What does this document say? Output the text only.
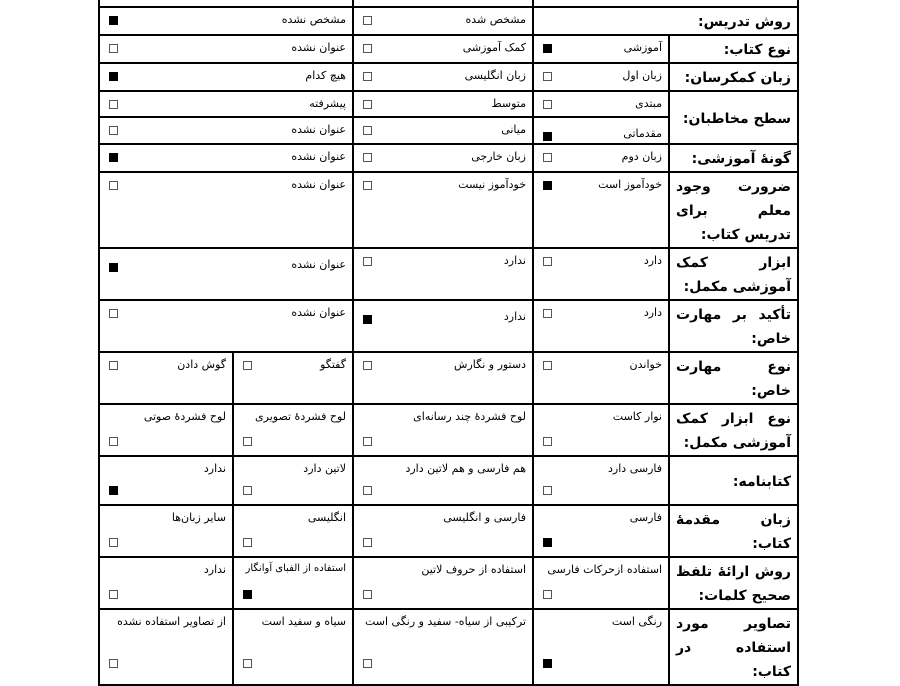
روش تدریس:		مشخص شده	مشخص نشده	

نوع کتاب:	آموزشی	کمک آموزشی	عنوان نشده	

زبان کمکرسان:	زبان اول	زبان انگلیسی	هیچ کدام	

سطح مخاطبان:	مبتدی	متوسط	پیشرفته	

	مقدماتی	میانی	عنوان نشده	

گونهٔ آموزشی:	زبان دوم	زبان خارجی	عنوان نشده	

ضرورت وجود معلم برای تدریس کتاب:	خودآموز است	خودآموز نیست	عنوان نشده	

ابزار کمک آموزشی مکمل:	دارد	ندارد	عنوان نشده	

تأکید بر مهارت خاص:	دارد	ندارد	عنوان نشده	

نوع مهارت خاص:	خواندن	دستور و نگارش	گفتگو	گوش دادن

نوع ابزار کمک آموزشی مکمل:	نوار کاست	لوح فشردهٔ چند رسانه‌ای	لوح فشردهٔ تصویری	لوح فشردهٔ صوتی

کتابنامه:	فارسی دارد	هم فارسی و هم لاتین دارد	لاتین دارد	ندارد

زبان مقدمهٔ کتاب:	فارسی	فارسی و انگلیسی	انگلیسی	سایر زبان‌ها

روش ارائهٔ تلفظ صحیح کلمات:	استفاده ازحرکات فارسی	استفاده از حروف لاتین	استفاده از الفبای آوانگار	ندارد

تصاویر مورد استفاده در کتاب:	رنگی است	ترکیبی از سیاه- سفید و رنگی است	سیاه و سفید است	از تصاویر استفاده نشده
